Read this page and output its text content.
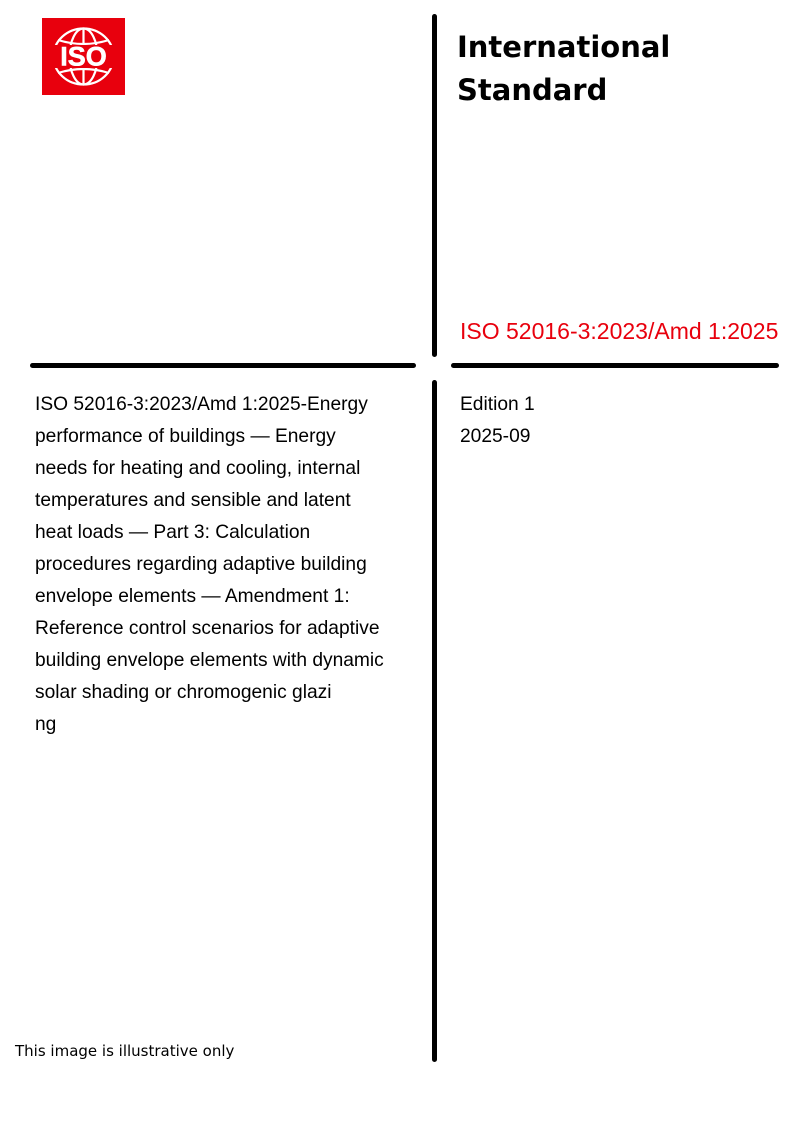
ISO	International
Standard
ISO 52016-3:2023/Amd 1:2025

ISO 52016-3:2023/Amd 1:2025-Energy
performance of buildings — Energy
needs for heating and cooling, internal
temperatures and sensible and latent
heat loads — Part 3: Calculation
procedures regarding adaptive building
envelope elements — Amendment 1:
Reference control scenarios for adaptive
building envelope elements with dynamic
solar shading or chromogenic glazi
ng

Edition 1
2025-09
This image is illustrative only
